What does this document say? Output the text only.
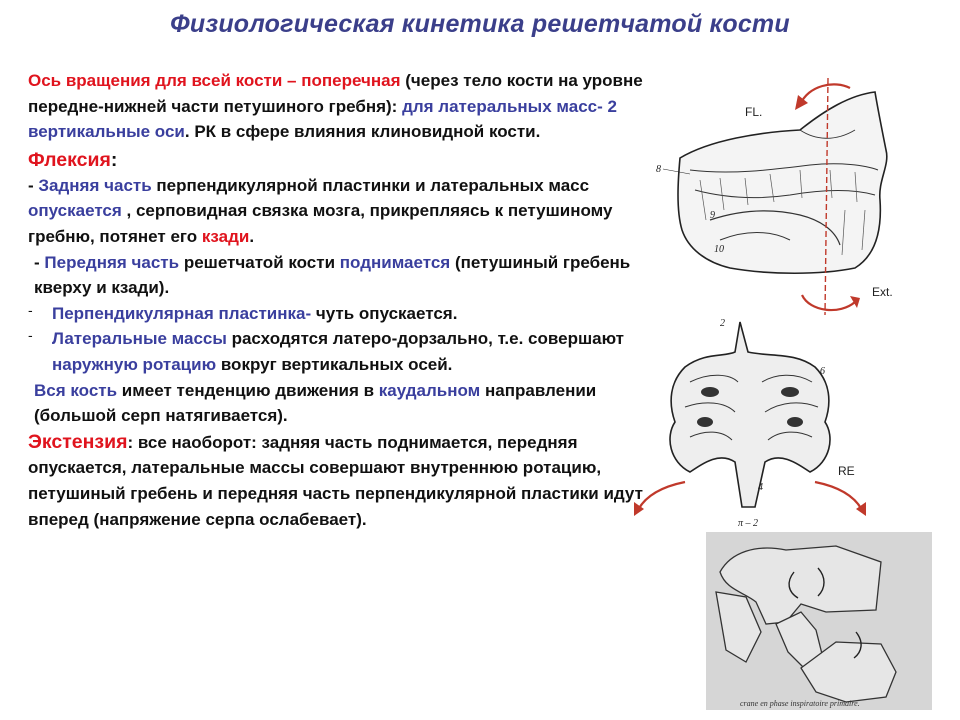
Физиологическая кинетика решетчатой кости

Ось вращения для всей кости – поперечная (через тело кости на уровне передне-нижней части петушиного гребня): для латеральных масс- 2 вертикальные оси. РК в сфере влияния клиновидной кости.

Флексия:

- Задняя часть перпендикулярной пластинки и латеральных масс опускается , серповидная связка мозга, прикрепляясь к петушиному гребню, потянет его кзади.

- Передняя часть решетчатой кости поднимается (петушиный гребень кверху и кзади).

- Перпендикулярная пластинка- чуть опускается.

- Латеральные массы расходятся латеро-дорзально, т.е. совершают наружную ротацию вокруг вертикальных осей.

Вся кость имеет тенденцию движения в каудальном направлении (большой серп натягивается).

Экстензия: все наоборот: задняя часть поднимается, передняя опускается, латеральные массы совершают внутреннюю ротацию, петушиный гребень и передняя часть перпендикулярной пластики идут вперед (напряжение серпа ослабевает).

FL.
Ext.
8
9
10
RE
2
6
4
π – 2
crane en phase inspiratoire primaire.
